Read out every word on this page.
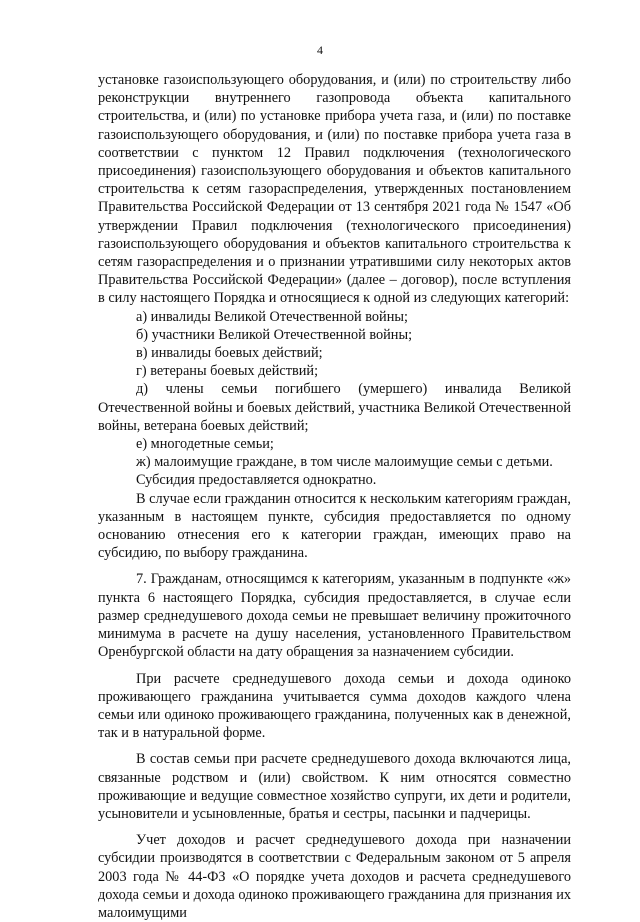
4

установке газоиспользующего оборудования, и (или) по строительству либо реконструкции внутреннего газопровода объекта капитального строительства, и (или) по установке прибора учета газа, и (или) по поставке газоиспользующего оборудования, и (или) по поставке прибора учета газа в соответствии с пунктом 12 Правил подключения (технологического присоединения) газоиспользующего оборудования и объектов капитального строительства к сетям газораспределения, утвержденных постановлением Правительства Российской Федерации от 13 сентября 2021 года № 1547 «Об утверждении Правил подключения (технологического присоединения) газоиспользующего оборудования и объектов капитального строительства к сетям газораспределения и о признании утратившими силу некоторых актов Правительства Российской Федерации» (далее – договор), после вступления в силу настоящего Порядка и относящиеся к одной из следующих категорий:

а) инвалиды Великой Отечественной войны;

б) участники Великой Отечественной войны;

в) инвалиды боевых действий;

г) ветераны боевых действий;

д) члены семьи погибшего (умершего) инвалида Великой Отечественной войны и боевых действий, участника Великой Отечественной войны, ветерана боевых действий;

е) многодетные семьи;

ж) малоимущие граждане, в том числе малоимущие семьи с детьми.

Субсидия предоставляется однократно.

В случае если гражданин относится к нескольким категориям граждан, указанным в настоящем пункте, субсидия предоставляется по одному основанию отнесения его к категории граждан, имеющих право на субсидию, по выбору гражданина.

7. Гражданам, относящимся к категориям, указанным в подпункте «ж» пункта 6 настоящего Порядка, субсидия предоставляется, в случае если размер среднедушевого дохода семьи не превышает величину прожиточного минимума в расчете на душу населения, установленного Правительством Оренбургской области на дату обращения за назначением субсидии.

При расчете среднедушевого дохода семьи и дохода одиноко проживающего гражданина учитывается сумма доходов каждого члена семьи или одиноко проживающего гражданина, полученных как в денежной, так и в натуральной форме.

В состав семьи при расчете среднедушевого дохода включаются лица, связанные родством и (или) свойством. К ним относятся совместно проживающие и ведущие совместное хозяйство супруги, их дети и родители, усыновители и усыновленные, братья и сестры, пасынки и падчерицы.

Учет доходов и расчет среднедушевого дохода при назначении субсидии производятся в соответствии с Федеральным законом от 5 апреля 2003 года № 44-ФЗ «О порядке учета доходов и расчета среднедушевого дохода семьи и дохода одиноко проживающего гражданина для признания их малоимущими
